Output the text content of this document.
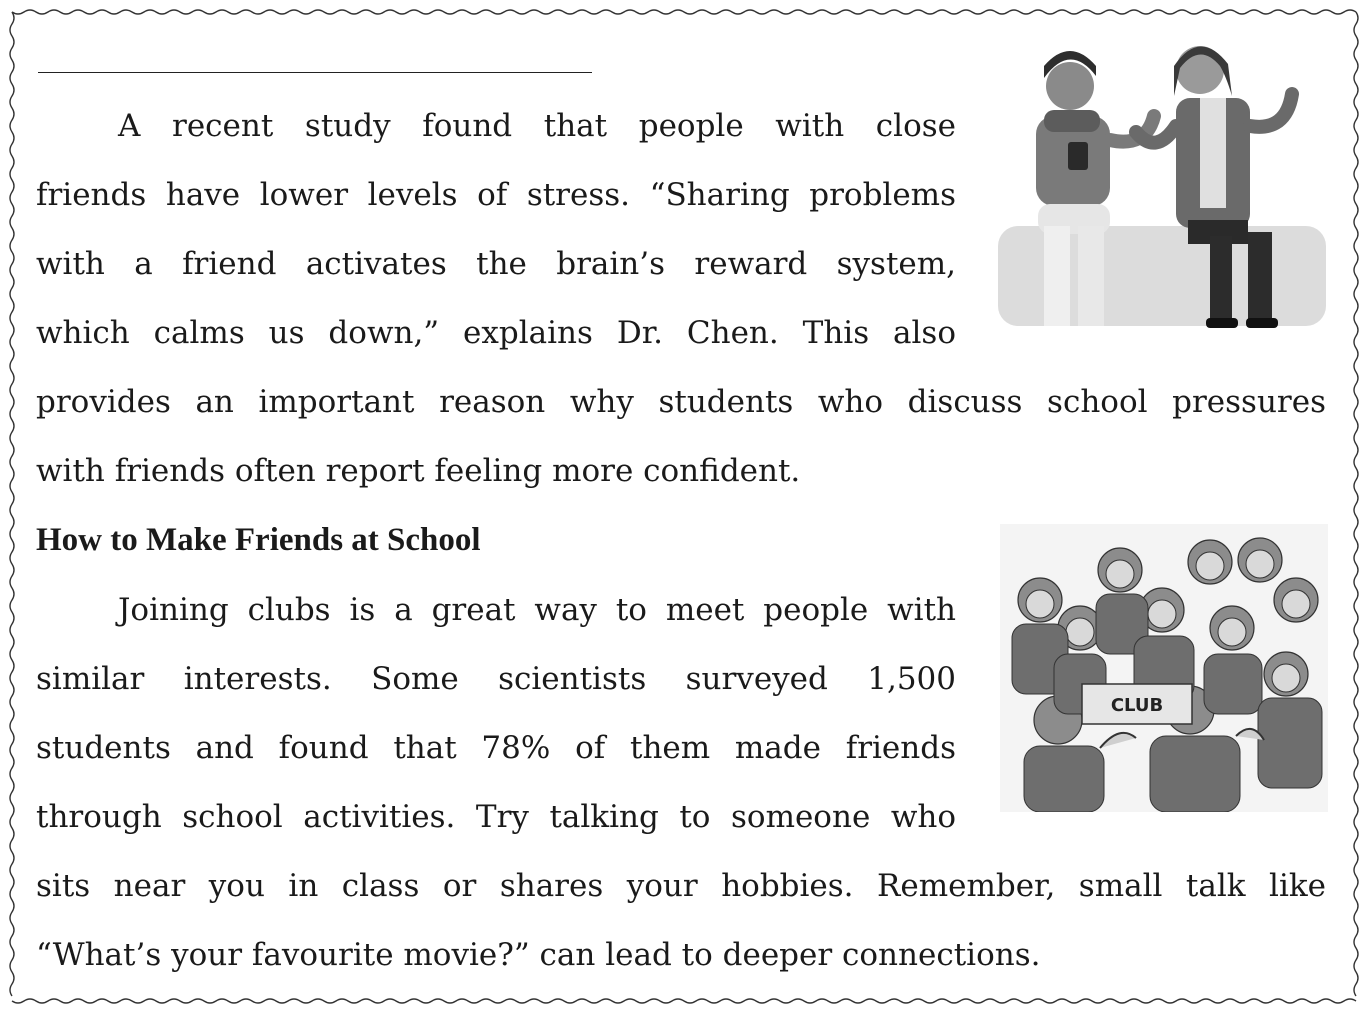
A recent study found that people with close
friends have lower levels of stress. “Sharing problems
with a friend activates the brain’s reward system,
which calms us down,” explains Dr. Chen. This also
provides an important reason why students who discuss school pressures
with friends often report feeling more confident.
How to Make Friends at School
Joining clubs is a great way to meet people with
similar interests. Some scientists surveyed 1,500
students and found that 78% of them made friends
through school activities. Try talking to someone who
sits near you in class or shares your hobbies. Remember, small talk like
“What’s your favourite movie?” can lead to deeper connections.
CLUB
